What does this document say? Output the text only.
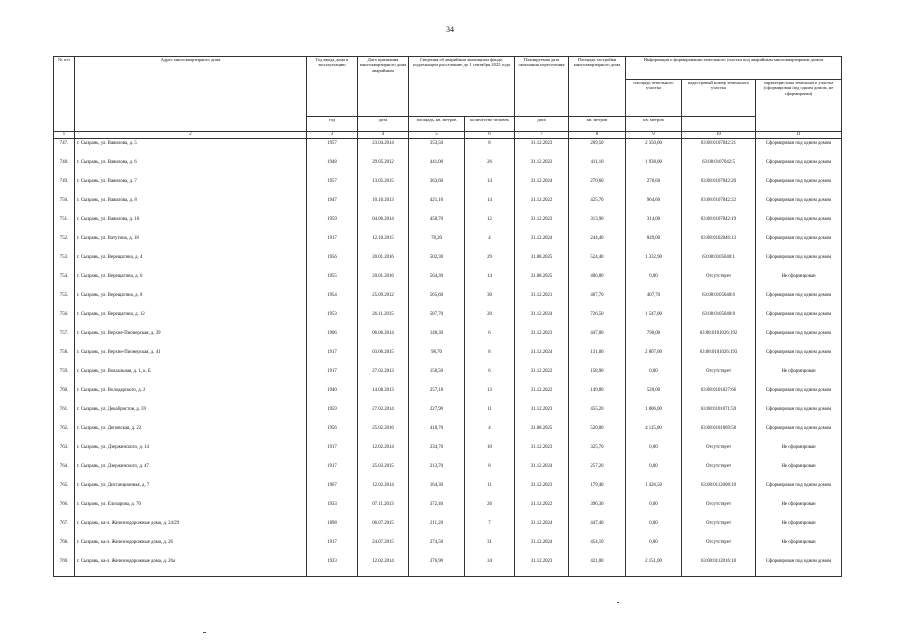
34
№ п/п	Адрес многоквартирного дома	Год ввода дома в эксплуатацию	Дата признания многоквартирного дома аварийным	Сведения об аварийном жилищном фонде, подлежащем расселению до 1 сентября 2025 года		Планируемая дата окончания переселения	Площадь застройки многоквартирного дома	Информация о формировании земельного участка под аварийным многоквартирным домом		
								площадь земельного участка	кадастровый номер земельного участка	характеристика земельного участка (сформирован под одним домом, не сформирован)
		год	дата	площадь, кв. метров	количество человек	дата	кв. метров	кв. метров		
1	2	3	4	5	6	7	8	9	10	11
747.	г. Сызрань, ул. Вавилова, д. 5	1957	23.04.2014	353,50	8	31.12.2023	269,50	2 350,00	63:08:0107042:21	Сформирован под одним домом
748.	г. Сызрань, ул. Вавилова, д. 6	1948	29.05.2012	441,00	26	31.12.2022	411,10	1 938,00	63:08:0107042:5	Сформирован под одним домом
749.	г. Сызрань, ул. Вавилова, д. 7	1957	13.05.2015	363,60	14	31.12.2024	270,60	270,60	63:08:0107042:20	Сформирован под одним домом
750.	г. Сызрань, ул. Вавилова, д. 8	1947	10.10.2013	421,10	14	31.12.2022	425,70	964,60	63:08:0107042:22	Сформирован под одним домом
751.	г. Сызрань, ул. Вавилова, д. 10	1959	04.06.2014	450,70	12	31.12.2023	313,90	314,00	63:08:0107042:19	Сформирован под одним домом
752.	г. Сызрань, ул. Ватутина, д. 18	1917	12.10.2015	78,20	4	31.12.2024	244,40	849,00	63:08:0102046:13	Сформирован под одним домом
753.	г. Сызрань, ул. Верещагина, д. 4	1956	20.01.2016	502,30	29	31.08.2025	524,40	1 332,90	63:08:0105040:1	Сформирован под одним домом
754.	г. Сызрань, ул. Верещагина, д. 6	1955	20.01.2016	564,30	14	31.08.2025	406,80	0,00	Отсутствует	Не сформирован
755.	г. Сызрань, ул. Верещагина, д. 8	1954	25.09.2012	565,60	30	31.12.2021	407,70	407,70	63:08:0105040:6	Сформирован под одним домом
756.	г. Сызрань, ул. Верещагина, д. 12	1953	26.11.2015	587,70	20	31.12.2024	726,50	1 547,00	63:08:0105040:8	Сформирован под одним домом
757.	г. Сызрань, ул. Верхне-Пионерская, д. 39	1906	06.06.2014	148,30	6	31.12.2023	447,00	790,00	63:08:0101026:192	Сформирован под одним домом
758.	г. Сызрань, ул. Верхне-Пионерская, д. 41	1917	03.06.2015	98,70	8	31.12.2024	131,00	2 807,00	63:08:0101026:193	Сформирован под одним домом
759.	г. Сызрань, ул. Вокзальная, д. 1, к. Б	1917	27.02.2013	158,50	6	31.12.2022	158,90	0,00	Отсутствует	Не сформирован
760.	г. Сызрань, ул. Володарского, д. 2	1940	14.08.2013	257,18	13	31.12.2022	149,80	520,00	63:08:0101027:66	Сформирован под одним домом
761.	г. Сызрань, ул. Декабристов, д. 59	1959	27.02.2014	227,90	11	31.12.2023	455,20	1 006,00	63:08:0101071:59	Сформирован под одним домом
762.	г. Сызрань, ул. Деповская, д. 22	1956	25.02.2016	418,70	4	31.08.2025	520,00	4 115,00	63:08:0101069:58	Сформирован под одним домом
763.	г. Сызрань, ул. Дзержинского, д. 14	1917	12.02.2014	234,70	10	31.12.2023	325,70	0,00	Отсутствует	Не сформирован
764.	г. Сызрань, ул. Дзержинского, д. 47	1917	25.03.2015	213,70	8	31.12.2024	257,20	0,00	Отсутствует	Не сформирован
765.	г. Сызрань, ул. Дистанционная, д. 7	1967	12.02.2014	164,30	11	31.12.2023	179,40	1 426,50	63:08:0112008:10	Сформирован под одним домом
766.	г. Сызрань, ул. Елизарова, д. 70	1933	07.11.2013	372,40	26	31.12.2022	396,30	0,00	Отсутствует	Не сформирован
767.	г. Сызрань, ка-л. Железнодорожные дома, д. 24/29	1898	06.07.2015	211,20	7	31.12.2024	447,40	0,00	Отсутствует	Не сформирован
768.	г. Сызрань, ка-л. Железнодорожные дома, д. 26	1917	24.07.2015	274,50	31	31.12.2024	454,10	0,00	Отсутствует	Не сформирован
769.	г. Сызрань, ка-л. Железнодорожные дома, д. 26а	1923	12.02.2014	376,90	34	31.12.2023	421,00	2 151,00	63:08:0112016:10	Сформирован под одним домом
